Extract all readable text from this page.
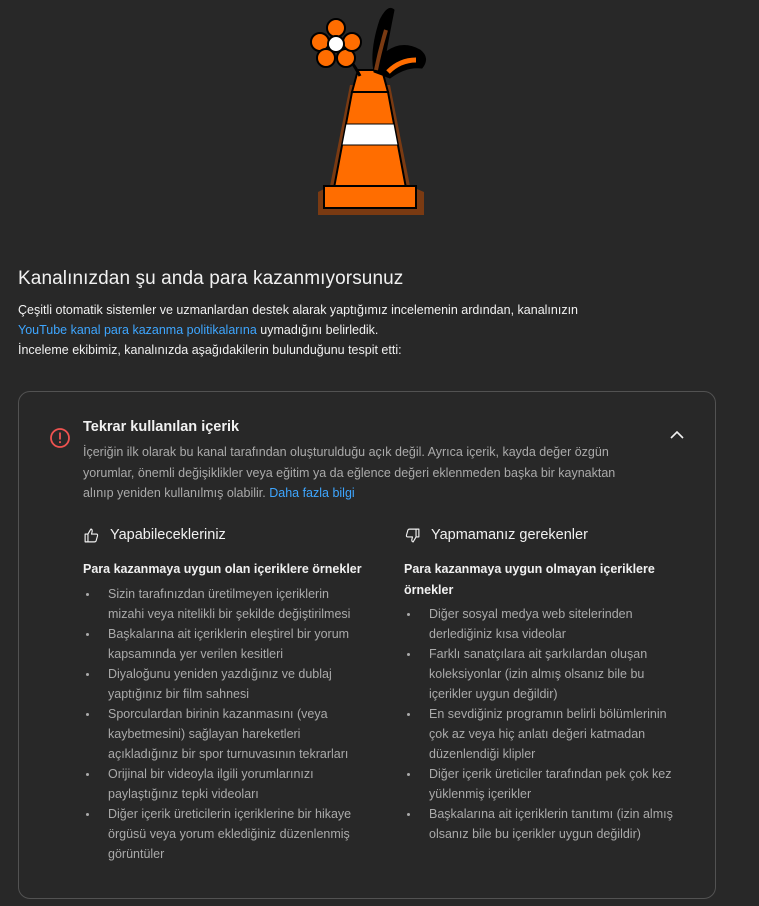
Kanalınızdan şu anda para kazanmıyorsunuz
Çeşitli otomatik sistemler ve uzmanlardan destek alarak yaptığımız incelemenin ardından, kanalınızın
YouTube kanal para kazanma politikalarına uymadığını belirledik.
İnceleme ekibimiz, kanalınızda aşağıdakilerin bulunduğunu tespit etti:
Tekrar kullanılan içerik
İçeriğin ilk olarak bu kanal tarafından oluşturulduğu açık değil. Ayrıca içerik, kayda değer özgün
yorumlar, önemli değişiklikler veya eğitim ya da eğlence değeri eklenmeden başka bir kaynaktan
alınıp yeniden kullanılmış olabilir. Daha fazla bilgi
Yapabilecekleriniz
Para kazanmaya uygun olan içeriklere örnekler
Sizin tarafınızdan üretilmeyen içeriklerin
mizahi veya nitelikli bir şekilde değiştirilmesi
Başkalarına ait içeriklerin eleştirel bir yorum
kapsamında yer verilen kesitleri
Diyaloğunu yeniden yazdığınız ve dublaj
yaptığınız bir film sahnesi
Sporculardan birinin kazanmasını (veya
kaybetmesini) sağlayan hareketleri
açıkladığınız bir spor turnuvasının tekrarları
Orijinal bir videoyla ilgili yorumlarınızı
paylaştığınız tepki videoları
Diğer içerik üreticilerin içeriklerine bir hikaye
örgüsü veya yorum eklediğiniz düzenlenmiş
görüntüler
Yapmamanız gerekenler
Para kazanmaya uygun olmayan içeriklere
örnekler
Diğer sosyal medya web sitelerinden
derlediğiniz kısa videolar
Farklı sanatçılara ait şarkılardan oluşan
koleksiyonlar (izin almış olsanız bile bu
içerikler uygun değildir)
En sevdiğiniz programın belirli bölümlerinin
çok az veya hiç anlatı değeri katmadan
düzenlendiği klipler
Diğer içerik üreticiler tarafından pek çok kez
yüklenmiş içerikler
Başkalarına ait içeriklerin tanıtımı (izin almış
olsanız bile bu içerikler uygun değildir)
